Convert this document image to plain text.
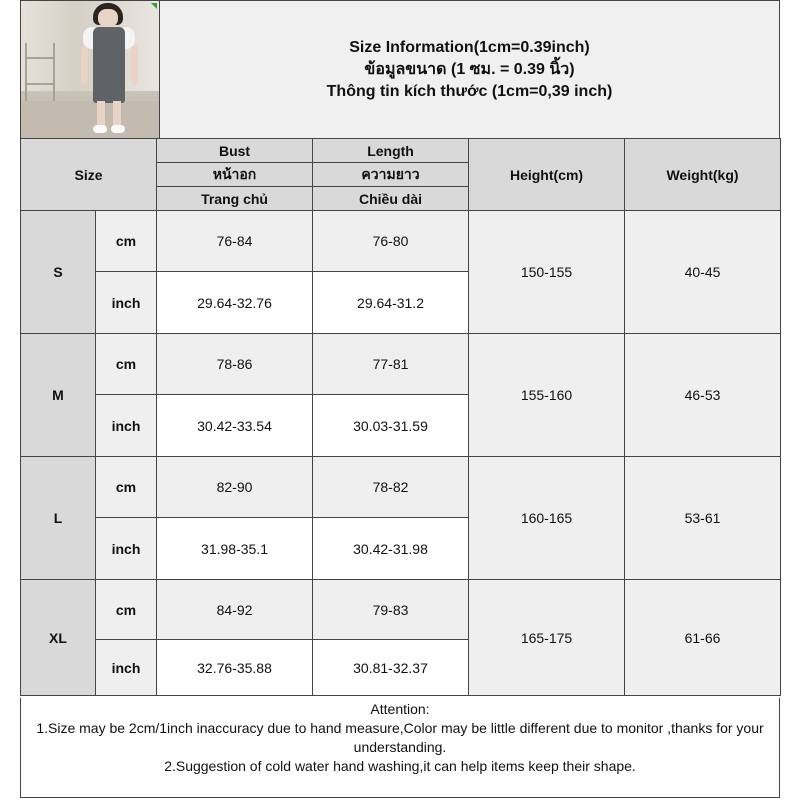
Size Information(1cm=0.39inch)
ข้อมูลขนาด (1 ซม. = 0.39 นิ้ว)
Thông tin kích thước (1cm=0,39 inch)
Size		Bust	Length	Height(cm)	Weight(kg)
		หน้าอก	ความยาว		
		Trang chủ	Chiều dài		
S	cm	76-84	76-80	150-155	40-45
	inch	29.64-32.76	29.64-31.2		
M	cm	78-86	77-81	155-160	46-53
	inch	30.42-33.54	30.03-31.59		
L	cm	82-90	78-82	160-165	53-61
	inch	31.98-35.1	30.42-31.98		
XL	cm	84-92	79-83	165-175	61-66
	inch	32.76-35.88	30.81-32.37		
Attention:
1.Size may be 2cm/1inch inaccuracy due to hand measure,Color may be little different due to monitor ,thanks for your understanding.
2.Suggestion of cold water hand washing,it can help items keep their shape.
